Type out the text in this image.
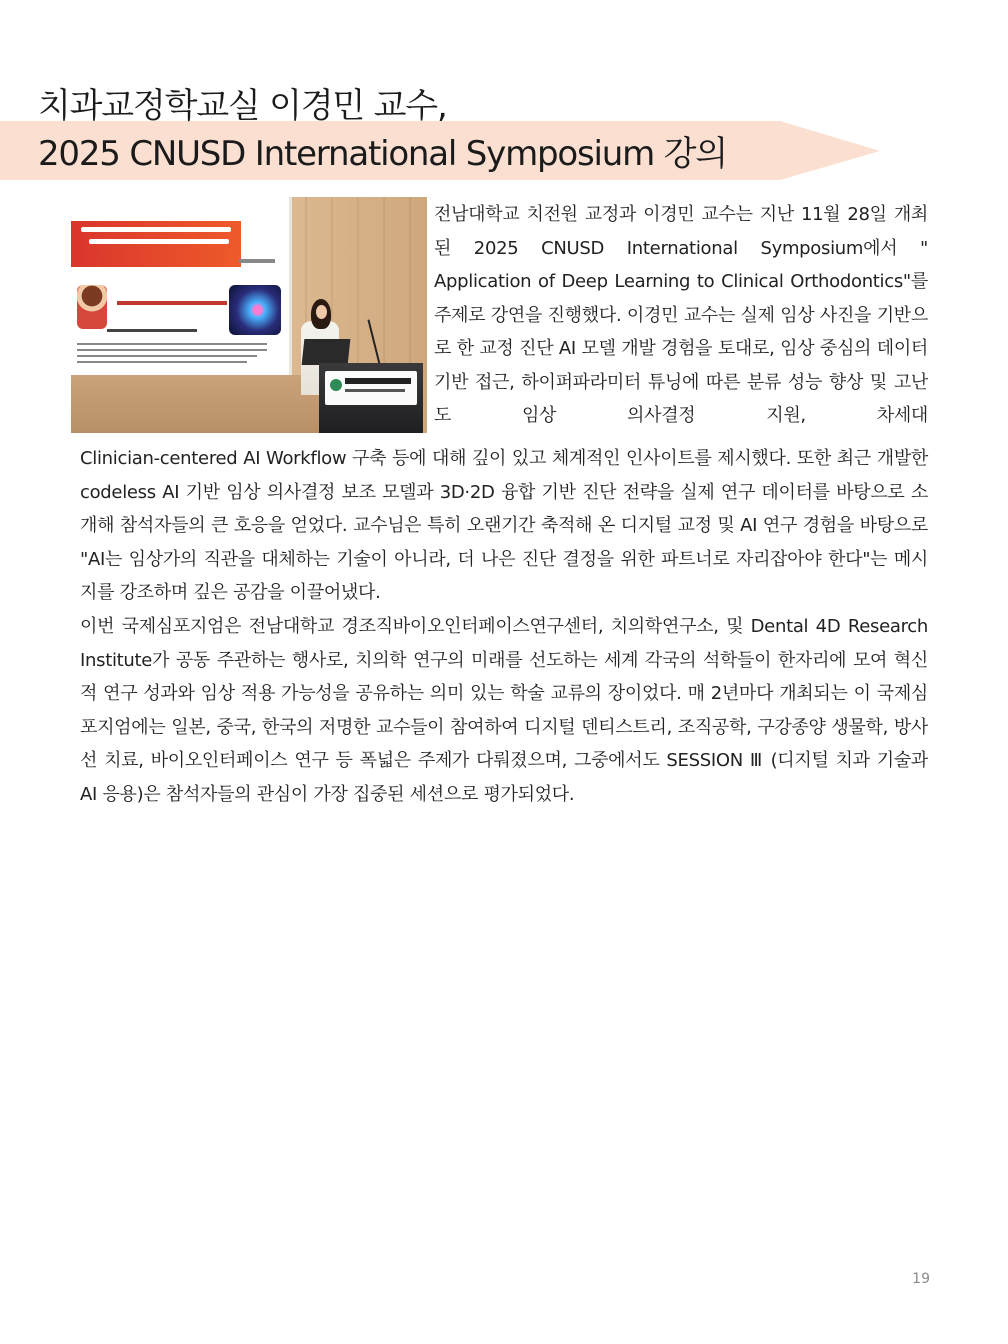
치과교정학교실 이경민 교수,
2025 CNUSD International Symposium 강의

전남대학교 치전원 교정과 이경민 교수는 지난 11월 28일 개최된 2025 CNUSD International Symposium에서 " Application of Deep Learning to Clinical Orthodontics"를 주제로 강연을 진행했다. 이경민 교수는 실제 임상 사진을 기반으로 한 교정 진단 AI 모델 개발 경험을 토대로, 임상 중심의 데이터 기반 접근, 하이퍼파라미터 튜닝에 따른 분류 성능 향상 및 고난도 임상 의사결정 지원, 차세대

Clinician-centered AI Workflow 구축 등에 대해 깊이 있고 체계적인 인사이트를 제시했다. 또한 최근 개발한 codeless AI 기반 임상 의사결정 보조 모델과 3D·2D 융합 기반 진단 전략을 실제 연구 데이터를 바탕으로 소개해 참석자들의 큰 호응을 얻었다. 교수님은 특히 오랜기간 축적해 온 디지털 교정 및 AI 연구 경험을 바탕으로 "AI는 임상가의 직관을 대체하는 기술이 아니라, 더 나은 진단 결정을 위한 파트너로 자리잡아야 한다"는 메시지를 강조하며 깊은 공감을 이끌어냈다.

이번 국제심포지엄은 전남대학교 경조직바이오인터페이스연구센터, 치의학연구소, 및 Dental 4D Research Institute가 공동 주관하는 행사로, 치의학 연구의 미래를 선도하는 세계 각국의 석학들이 한자리에 모여 혁신적 연구 성과와 임상 적용 가능성을 공유하는 의미 있는 학술 교류의 장이었다. 매 2년마다 개최되는 이 국제심포지엄에는 일본, 중국, 한국의 저명한 교수들이 참여하여 디지털 덴티스트리, 조직공학, 구강종양 생물학, 방사선 치료, 바이오인터페이스 연구 등 폭넓은 주제가 다뤄졌으며, 그중에서도 SESSION Ⅲ (디지털 치과 기술과 AI 응용)은 참석자들의 관심이 가장 집중된 세션으로 평가되었다.

19
